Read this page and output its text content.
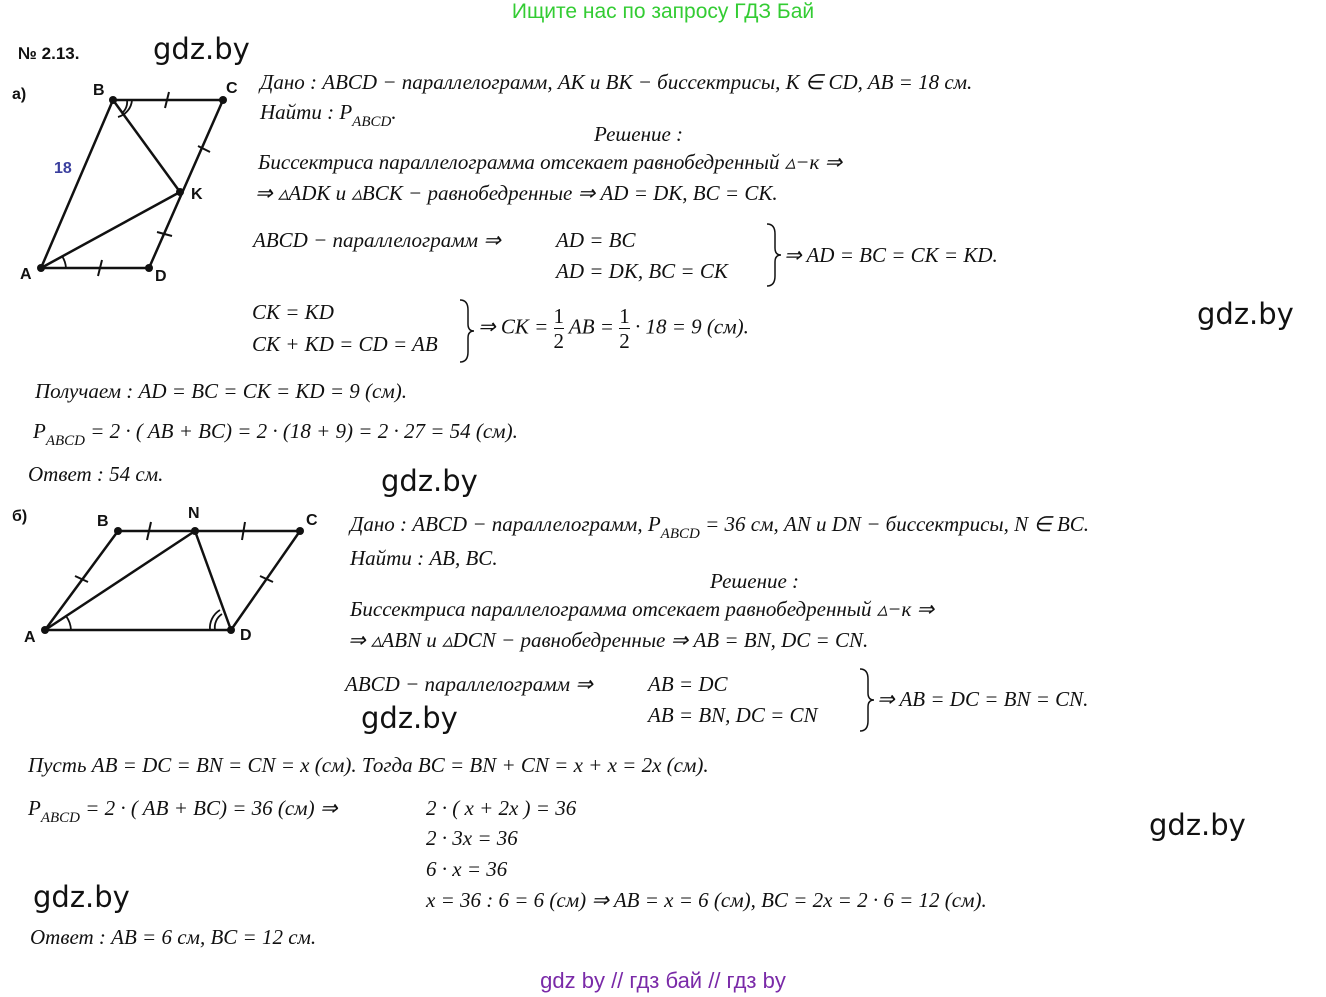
Ищите нас по запросу ГДЗ Бай
№ 2.13.	gdz.by
gdz.by
gdz.by
gdz.by
gdz.by
gdz.by
а)	B	C
K
A	D
18
Дано : ABCD − параллелограмм, AK и BK − биссектрисы, K ∈ CD, AB = 18 см.
Найти : $P_{ABCD}$.
Решение :
Биссектриса параллелограмма отсекает равнобедренный ▵−к ⇒
⇒ ▵ADK и ▵BCK − равнобедренные ⇒ AD = DK, BC = CK.
ABCD − параллелограмм ⇒	AD = BC
AD = DK, BC = CK
⇒ AD = BC = CK = KD.
CK = KD
CK + KD = CD = AB
⇒ CK = $\frac{1}{2}$ AB = $\frac{1}{2} \cdot 18 = 9$ (см).
Получаем : AD = BC = CK = KD = 9 (см).
$P_{ABCD} = 2$ · ( AB + BC) = 2 · (18 + 9) = 2 · 27 = 54 (см).
Ответ : 54 см.
б)	B	N	C
A	D
Дано : ABCD − параллелограмм, $P_{ABCD} = 36$ см, AN и DN − биссектрисы, N ∈ BC.
Найти : AB, BC.
Решение :
Биссектриса параллелограмма отсекает равнобедренный ▵−к ⇒
⇒ ▵ABN и ▵DCN − равнобедренные ⇒ AB = BN, DC = CN.
ABCD − параллелограмм ⇒	AB = DC
AB = BN, DC = CN
⇒ AB = DC = BN = CN.
Пусть AB = DC = BN = CN = x (см). Тогда BC = BN + CN = x + x = 2x (см).
$P_{ABCD} = 2$ · ( AB + BC) = 36 (см) ⇒	2 · ( x + 2x ) = 36
2 · 3x = 36
6 · x = 36
x = 36 : 6 = 6 (см) ⇒ AB = x = 6 (см), BC = 2x = 2 · 6 = 12 (см).
Ответ : AB = 6 см, BC = 12 см.
gdz by // гдз бай // гдз by
